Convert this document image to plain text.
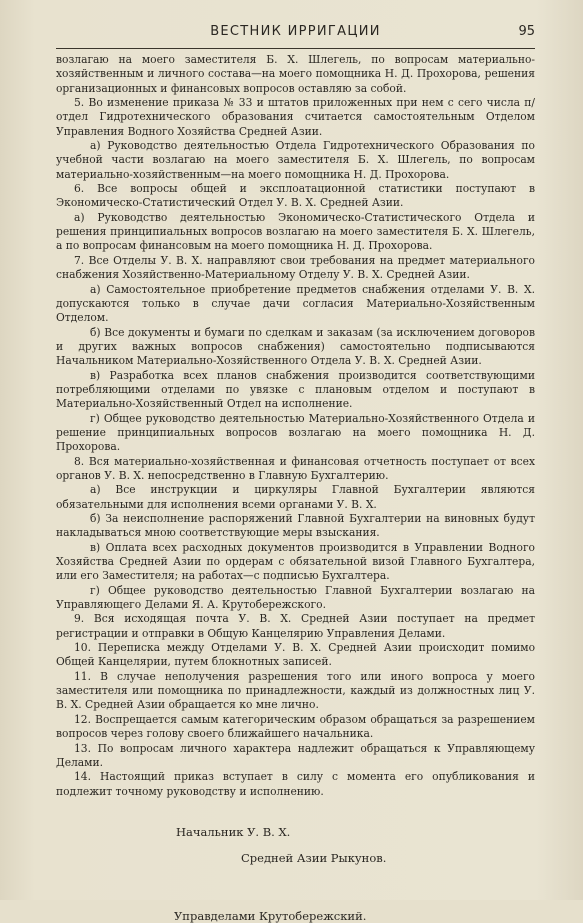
ВЕСТНИК ИРРИГАЦИИ	95

возлагаю на моего заместителя Б. Х. Шлегель, по вопросам материально-хозяйственным и личного состава—на моего помощника Н. Д. Прохорова, решения организационных и финансовых вопросов оставляю за собой.

5. Во изменение приказа № 33 и штатов приложенных при нем с сего числа п/отдел Гидротехнического образования считается самостоятельным Отделом Управления Водного Хозяйства Средней Азии.

а) Руководство деятельностью Отдела Гидротехнического Образования по учебной части возлагаю на моего заместителя Б. Х. Шлегель, по вопросам материально-хозяйственным—на моего помощника Н. Д. Прохорова.

6. Все вопросы общей и эксплоатационной статистики поступают в Экономическо-Статистический Отдел У. В. Х. Средней Азии.

а) Руководство деятельностью Экономическо-Статистического Отдела и решения принципиальных вопросов возлагаю на моего заместителя Б. Х. Шлегель, а по вопросам финансовым на моего помощника Н. Д. Прохорова.

7. Все Отделы У. В. Х. направляют свои требования на предмет материального снабжения Хозяйственно-Материальному Отделу У. В. Х. Средней Азии.

а) Самостоятельное приобретение предметов снабжения отделами У. В. Х. допускаются только в случае дачи согласия Материально-Хозяйственным Отделом.

б) Все документы и бумаги по сделкам и заказам (за исключением договоров и других важных вопросов снабжения) самостоятельно подписываются Начальником Материально-Хозяйственного Отдела У. В. Х. Средней Азии.

в) Разработка всех планов снабжения производится соответствующими потребляющими отделами по увязке с плановым отделом и поступают в Материально-Хозяйственный Отдел на исполнение.

г) Общее руководство деятельностью Материально-Хозяйственного Отдела и решение принципиальных вопросов возлагаю на моего помощника Н. Д. Прохорова.

8. Вся материально-хозяйственная и финансовая отчетность поступает от всех органов У. В. Х. непосредственно в Главную Бухгалтерию.

а) Все инструкции и циркуляры Главной Бухгалтерии являются обязательными для исполнения всеми органами У. В. Х.

б) За неисполнение распоряжений Главной Бухгалтерии на виновных будут накладываться мною соответствующие меры взыскания.

в) Оплата всех расходных документов производится в Управлении Водного Хозяйства Средней Азии по ордерам с обязательной визой Главного Бухгалтера, или его Заместителя; на работах—с подписью Бухгалтера.

г) Общее руководство деятельностью Главной Бухгалтерии возлагаю на Управляющего Делами Я. А. Крутобережского.

9. Вся исходящая почта У. В. Х. Средней Азии поступает на предмет регистрации и отправки в Общую Канцелярию Управления Делами.

10. Переписка между Отделами У. В. Х. Средней Азии происходит помимо Общей Канцелярии, путем блокнотных записей.

11. В случае неполучения разрешения того или иного вопроса у моего заместителя или помощника по принадлежности, каждый из должностных лиц У. В. Х. Средней Азии обращается ко мне лично.

12. Воспрещается самым категорическим образом обращаться за разрешением вопросов через голову своего ближайшего начальника.

13. По вопросам личного характера надлежит обращаться к Управляющему Делами.

14. Настоящий приказ вступает в силу с момента его опубликования и подлежит точному руководству и исполнению.

Начальник У. В. Х.
Средней Азии Рыкунов.
Управделами Крутобережский.
